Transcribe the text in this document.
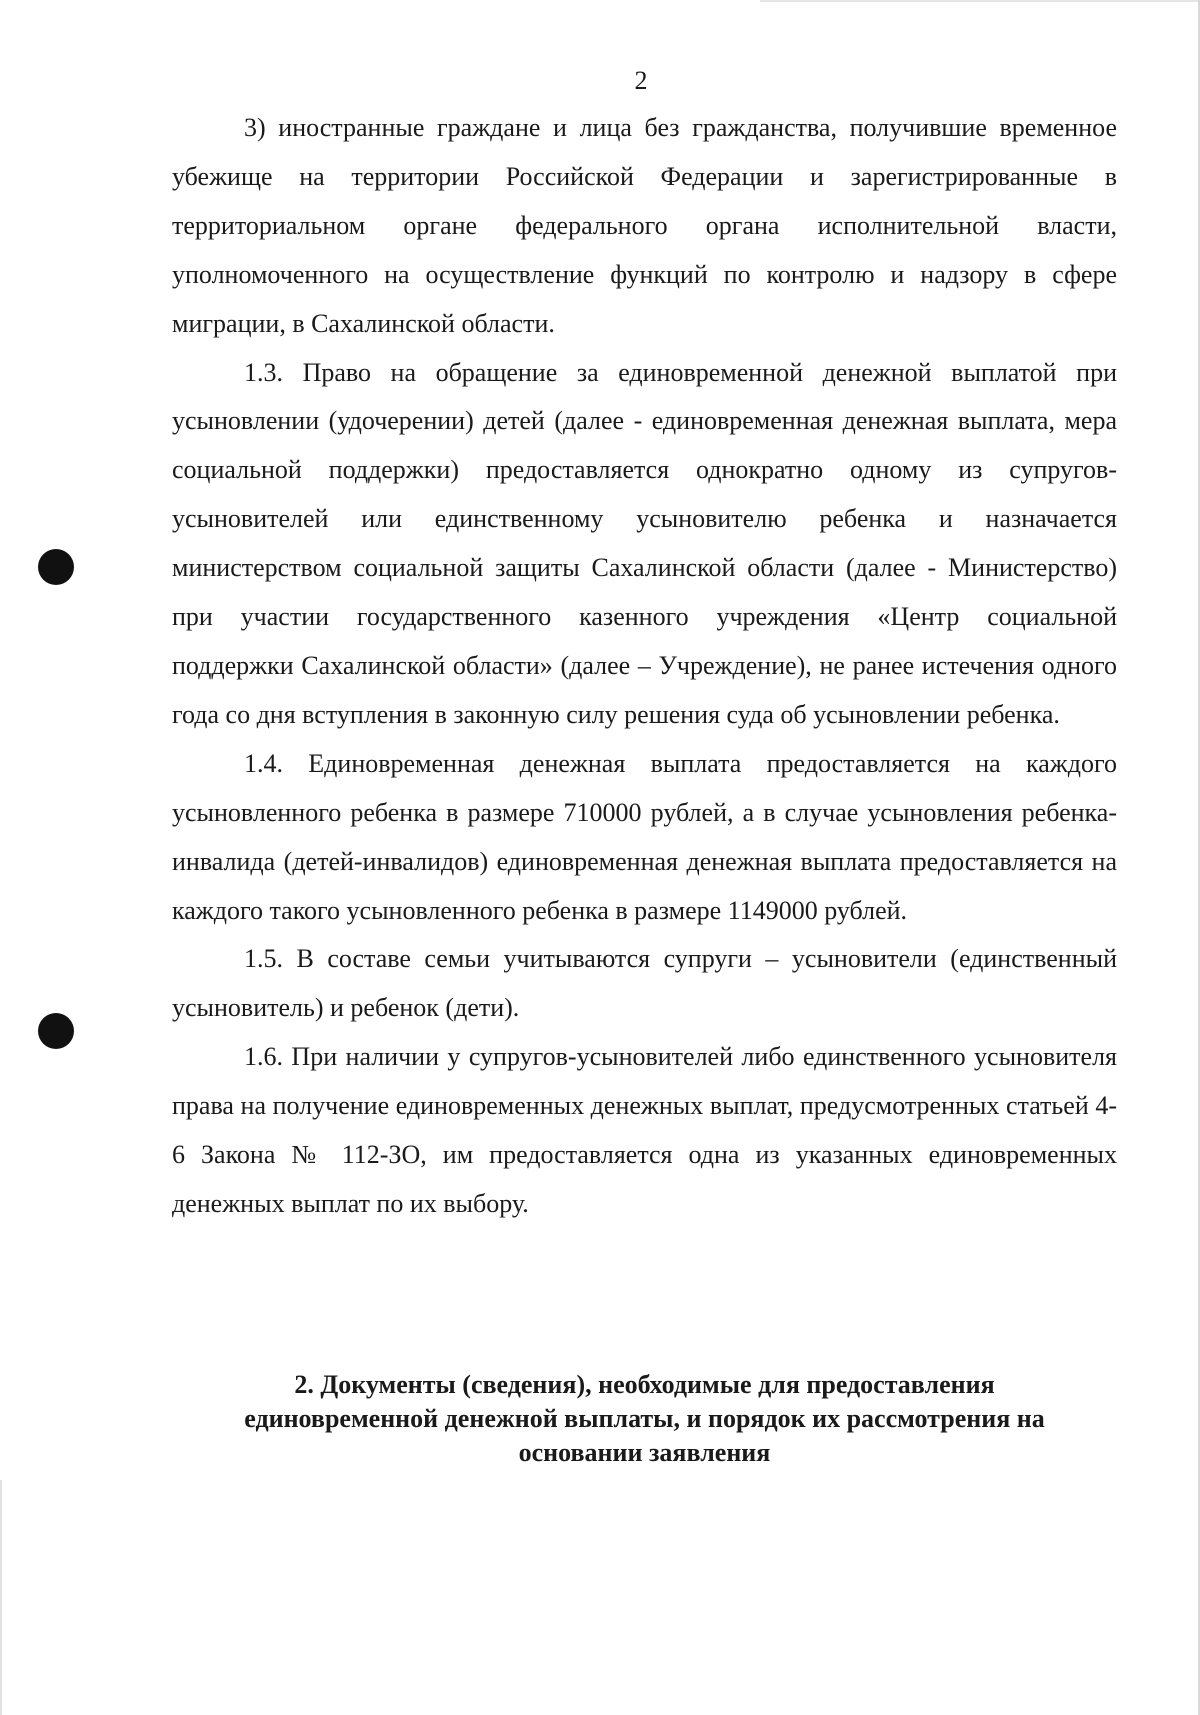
2

3) иностранные граждане и лица без гражданства, получившие временное убежище на территории Российской Федерации и зарегистрированные в территориальном органе федерального органа исполнительной власти, уполномоченного на осуществление функций по контролю и надзору в сфере миграции, в Сахалинской области.

1.3. Право на обращение за единовременной денежной выплатой при усыновлении (удочерении) детей (далее - единовременная денежная выплата, мера социальной поддержки) предоставляется однократно одному из супругов-усыновителей или единственному усыновителю ребенка и назначается министерством социальной защиты Сахалинской области (далее - Министерство) при участии государственного казенного учреждения «Центр социальной поддержки Сахалинской области» (далее – Учреждение), не ранее истечения одного года со дня вступления в законную силу решения суда об усыновлении ребенка.

1.4. Единовременная денежная выплата предоставляется на каждого усыновленного ребенка в размере 710000 рублей, а в случае усыновления ребенка-инвалида (детей-инвалидов) единовременная денежная выплата предоставляется на каждого такого усыновленного ребенка в размере 1149000 рублей.

1.5. В составе семьи учитываются супруги – усыновители (единственный усыновитель) и ребенок (дети).

1.6. При наличии у супругов-усыновителей либо единственного усыновителя права на получение единовременных денежных выплат, предусмотренных статьей 4-6 Закона № 112-ЗО, им предоставляется одна из указанных единовременных денежных выплат по их выбору.

2. Документы (сведения), необходимые для предоставления
единовременной денежной выплаты, и порядок их рассмотрения на
основании заявления
